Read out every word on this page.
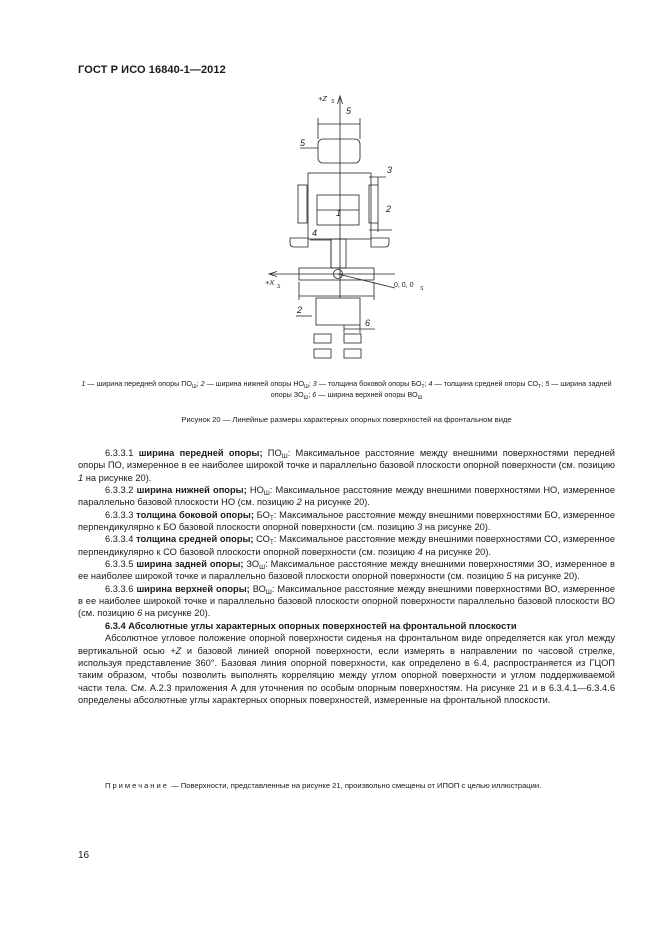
ГОСТ Р ИСО 16840-1—2012
+Z S
+X S	0, 0, 0 S
5
5
3
1	2
4
2
6
1 — ширина передней опоры $ПО_Ш$; 2 — ширина нижней опоры $НО_Ш$; 3 — толщина боковой опоры $БО_Т$; 4 — толщина средней опоры $СО_Т$; 5 — ширина задней опоры $ЗО_Ш$; 6 — ширина верхней опоры $ВО_Ш$
Рисунок 20 — Линейные размеры характерных опорных поверхностей на фронтальном виде

6.3.3.1 ширина передней опоры; $ПО_Ш$: Максимальное расстояние между внешними поверхностями передней опоры ПО, измеренное в ее наиболее широкой точке и параллельно базовой плоскости опорной поверхности (см. позицию 1 на рисунке 20).

6.3.3.2 ширина нижней опоры; $НО_Ш$: Максимальное расстояние между внешними поверхностями НО, измеренное параллельно базовой плоскости НО (см. позицию 2 на рисунке 20).

6.3.3.3 толщина боковой опоры; $БО_Т$: Максимальное расстояние между внешними поверхностями БО, измеренное перпендикулярно к БО базовой плоскости опорной поверхности (см. позицию 3 на рисунке 20).

6.3.3.4 толщина средней опоры; $СО_Т$: Максимальное расстояние между внешними поверхностями СО, измеренное перпендикулярно к СО базовой плоскости опорной поверхности (см. позицию 4 на рисунке 20).

6.3.3.5 ширина задней опоры; $ЗО_Ш$: Максимальное расстояние между внешними поверхностями ЗО, измеренное в ее наиболее широкой точке и параллельно базовой плоскости опорной поверхности (см. позицию 5 на рисунке 20).

6.3.3.6 ширина верхней опоры; $ВО_Ш$: Максимальное расстояние между внешними поверхностями ВО, измеренное в ее наиболее широкой точке и параллельно базовой плоскости опорной поверхности параллельно базовой плоскости ВО (см. позицию 6 на рисунке 20).

6.3.4 Абсолютные углы характерных опорных поверхностей на фронтальной плоскости

Абсолютное угловое положение опорной поверхности сиденья на фронтальном виде определяется как угол между вертикальной осью +Z и базовой линией опорной поверхности, если измерять в направлении по часовой стрелке, используя представление 360°. Базовая линия опорной поверхности, как определено в 6.4, распространяется из ГЦОП таким образом, чтобы позволить выполнять корреляцию между углом опорной поверхности и углом поддерживаемой части тела. См. А.2.3 приложения А для уточнения по особым опорным поверхностям. На рисунке 21 и в 6.3.4.1—6.3.4.6 определены абсолютные углы характерных опорных поверхностей, измеренные на фронтальной плоскости.

Примечание — Поверхности, представленные на рисунке 21, произвольно смещены от ИПОП с целью иллюстрации.
16
